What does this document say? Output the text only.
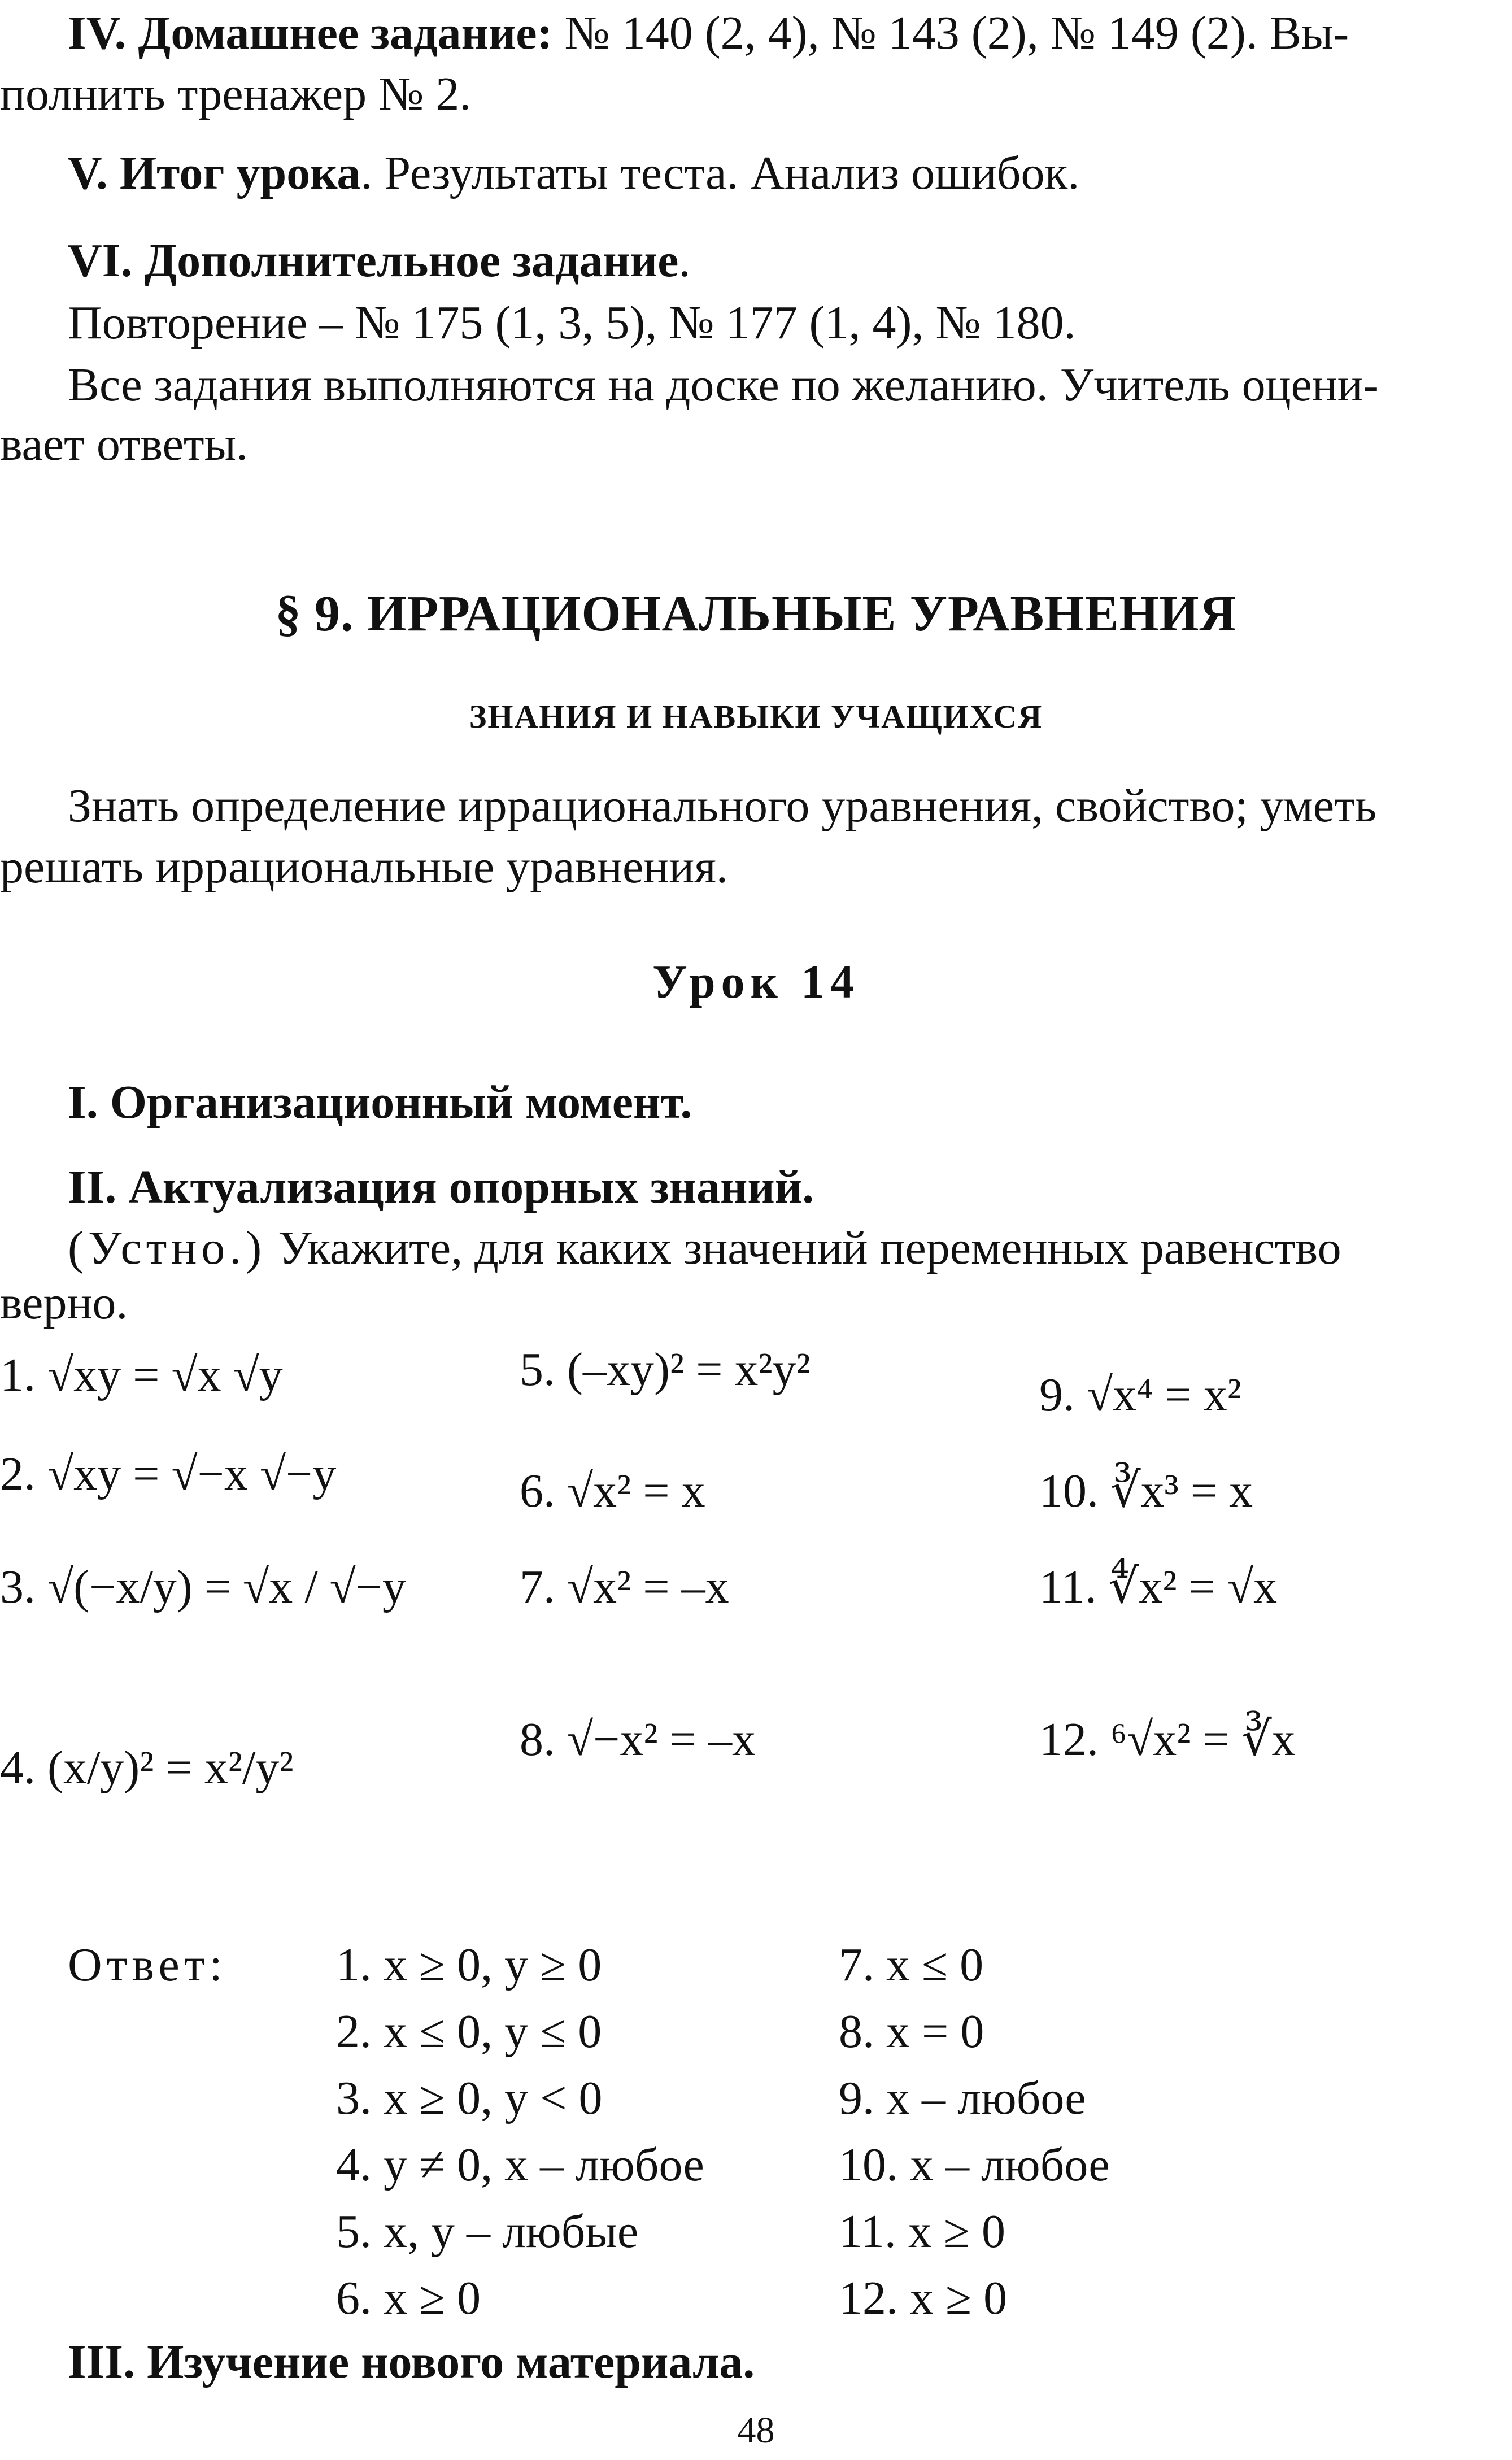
IV. Домашнее задание: № 140 (2, 4), № 143 (2), № 149 (2). Вы-
полнить тренажер № 2.
V. Итог урока. Результаты теста. Анализ ошибок.
VI. Дополнительное задание.
Повторение – № 175 (1, 3, 5), № 177 (1, 4), № 180.
Все задания выполняются на доске по желанию. Учитель оцени-
вает ответы.
§ 9. ИРРАЦИОНАЛЬНЫЕ УРАВНЕНИЯ
ЗНАНИЯ И НАВЫКИ УЧАЩИХСЯ
Знать определение иррационального уравнения, свойство; уметь
решать иррациональные уравнения.
Урок 14
I. Организационный момент.
II. Актуализация опорных знаний.
(Устно.) Укажите, для каких значений переменных равенство
верно.
1. √xy = √x √y
2. √xy = √−x √−y
3. √(−x/y) = √x / √−y
4. (x/y)² = x²/y²
5. (–xy)² = x²y²
6. √x² = x
7. √x² = –x
8. √−x² = –x
9. √x⁴ = x²
10. ∛x³ = x
11. ∜x² = √x
12. ⁶√x² = ∛x
Ответ: 1. x ≥ 0, y ≥ 0
2. x ≤ 0, y ≤ 0
3. x ≥ 0, y < 0
4. y ≠ 0, x – любое
5. x, y – любые
6. x ≥ 0
7. x ≤ 0
8. x = 0
9. x – любое
10. x – любое
11. x ≥ 0
12. x ≥ 0
III. Изучение нового материала.
48
